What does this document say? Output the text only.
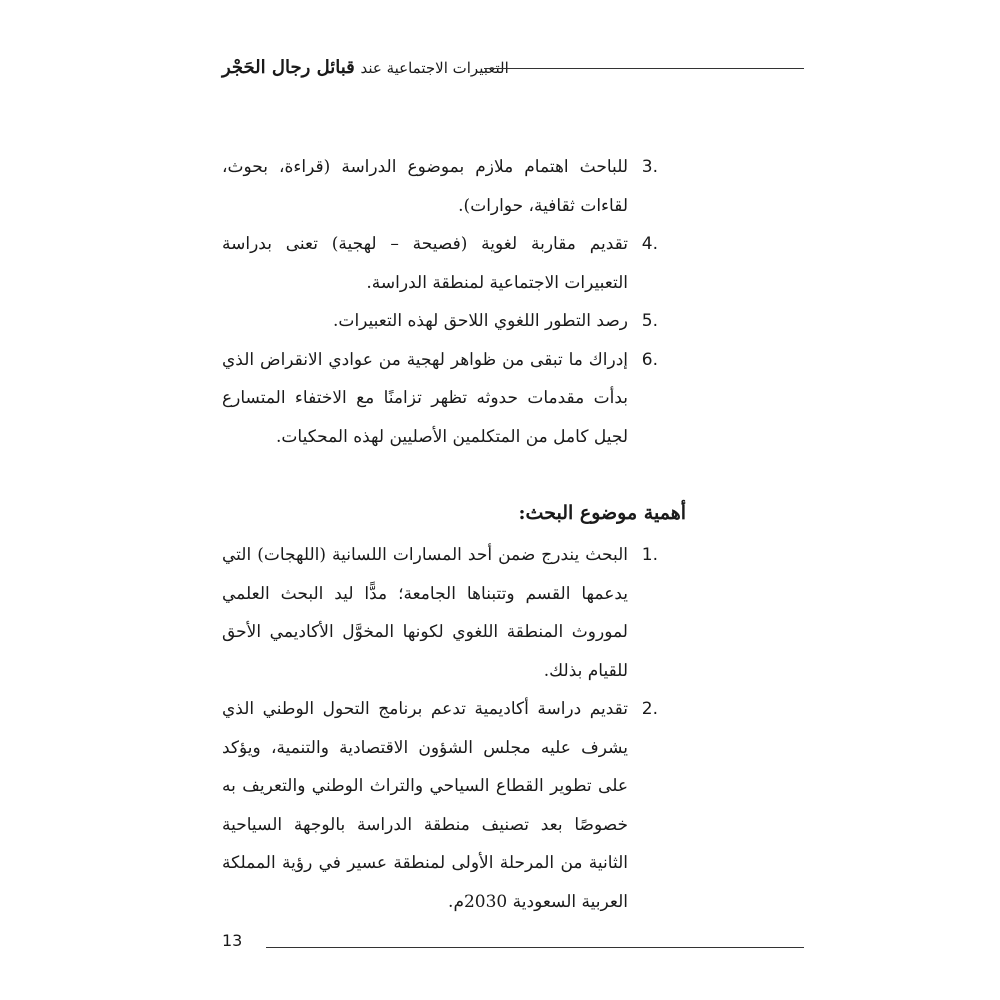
التعبيرات الاجتماعية عند قبائل رجال الحَجْر
3.
للباحث اهتمام ملازم بموضوع الدراسة (قراءة، بحوث، لقاءات ثقافية، حوارات).
4.
تقديم مقاربة لغوية (فصيحة – لهجية) تعنى بدراسة التعبيرات الاجتماعية لمنطقة الدراسة.
5.
رصد التطور اللغوي اللاحق لهذه التعبيرات.
6.
إدراك ما تبقى من ظواهر لهجية من عوادي الانقراض الذي بدأت مقدمات حدوثه تظهر تزامنًا مع الاختفاء المتسارع لجيل كامل من المتكلمين الأصليين لهذه المحكيات.
أهمية موضوع البحث:
1.
البحث يندرج ضمن أحد المسارات اللسانية (اللهجات) التي يدعمها القسم وتتبناها الجامعة؛ مدًّا ليد البحث العلمي لموروث المنطقة اللغوي لكونها المخوَّل الأكاديمي الأحق للقيام بذلك.
2.
تقديم دراسة أكاديمية تدعم برنامج التحول الوطني الذي يشرف عليه مجلس الشؤون الاقتصادية والتنمية، ويؤكد على تطوير القطاع السياحي والتراث الوطني والتعريف به خصوصًا بعد تصنيف منطقة الدراسة بالوجهة السياحية الثانية من المرحلة الأولى لمنطقة عسير في رؤية المملكة العربية السعودية 2030م.
13
